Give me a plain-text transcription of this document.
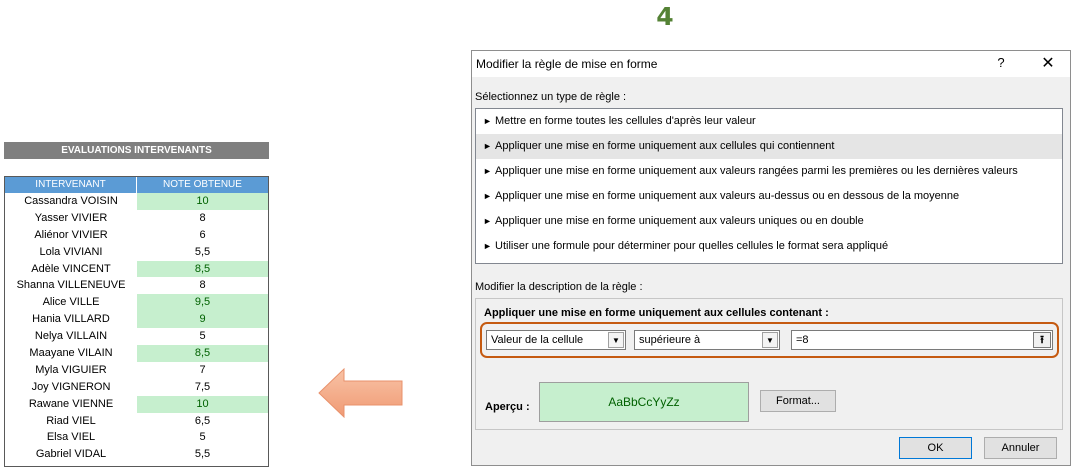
4
EVALUATIONS INTERVENANTS
INTERVENANT	NOTE OBTENUE
Cassandra VOISIN	10
Yasser VIVIER	8
Aliénor VIVIER	6
Lola VIVIANI	5,5
Adèle VINCENT	8,5
Shanna VILLENEUVE	8
Alice VILLE	9,5
Hania VILLARD	9
Nelya VILLAIN	5
Maayane VILAIN	8,5
Myla VIGUIER	7
Joy VIGNERON	7,5
Rawane VIENNE	10
Riad VIEL	6,5
Elsa VIEL	5
Gabriel VIDAL	5,5
Modifier la règle de mise en forme	? ✕
Sélectionnez un type de règle :
► Mettre en forme toutes les cellules d'après leur valeur
► Appliquer une mise en forme uniquement aux cellules qui contiennent
► Appliquer une mise en forme uniquement aux valeurs rangées parmi les premières ou les dernières valeurs
► Appliquer une mise en forme uniquement aux valeurs au-dessus ou en dessous de la moyenne
► Appliquer une mise en forme uniquement aux valeurs uniques ou en double
► Utiliser une formule pour déterminer pour quelles cellules le format sera appliqué
Modifier la description de la règle :
Appliquer une mise en forme uniquement aux cellules contenant :
Valeur de la cellule	▼	supérieure à	▼	=8	⭱
Aperçu :	AaBbCcYyZz	Format...
OK	Annuler
